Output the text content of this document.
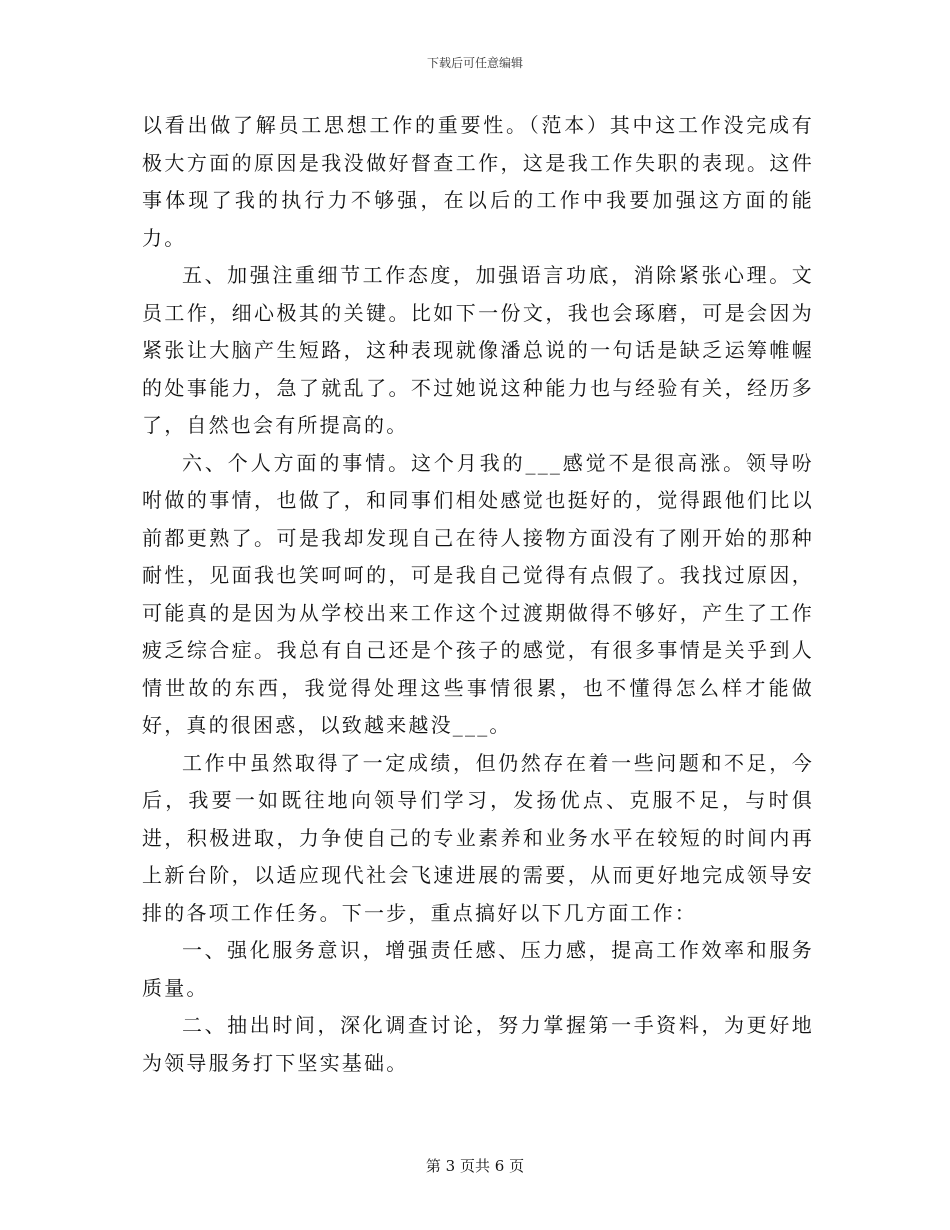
下载后可任意编辑

以看出做了解员工思想工作的重要性。（范本）其中这工作没完成有极大方面的原因是我没做好督查工作，这是我工作失职的表现。这件事体现了我的执行力不够强，在以后的工作中我要加强这方面的能力。

五、加强注重细节工作态度，加强语言功底，消除紧张心理。文员工作，细心极其的关键。比如下一份文，我也会琢磨，可是会因为紧张让大脑产生短路，这种表现就像潘总说的一句话是缺乏运筹帷幄的处事能力，急了就乱了。不过她说这种能力也与经验有关，经历多了，自然也会有所提高的。

六、个人方面的事情。这个月我的___感觉不是很高涨。领导吩咐做的事情，也做了，和同事们相处感觉也挺好的，觉得跟他们比以前都更熟了。可是我却发现自己在待人接物方面没有了刚开始的那种耐性，见面我也笑呵呵的，可是我自己觉得有点假了。我找过原因，可能真的是因为从学校出来工作这个过渡期做得不够好，产生了工作疲乏综合症。我总有自己还是个孩子的感觉，有很多事情是关乎到人情世故的东西，我觉得处理这些事情很累，也不懂得怎么样才能做好，真的很困惑，以致越来越没___。

工作中虽然取得了一定成绩，但仍然存在着一些问题和不足，今后，我要一如既往地向领导们学习，发扬优点、克服不足，与时俱进，积极进取，力争使自己的专业素养和业务水平在较短的时间内再上新台阶，以适应现代社会飞速进展的需要，从而更好地完成领导安排的各项工作任务。下一步，重点搞好以下几方面工作：

一、强化服务意识，增强责任感、压力感，提高工作效率和服务质量。

二、抽出时间，深化调查讨论，努力掌握第一手资料，为更好地为领导服务打下坚实基础。

第 3 页共 6 页
